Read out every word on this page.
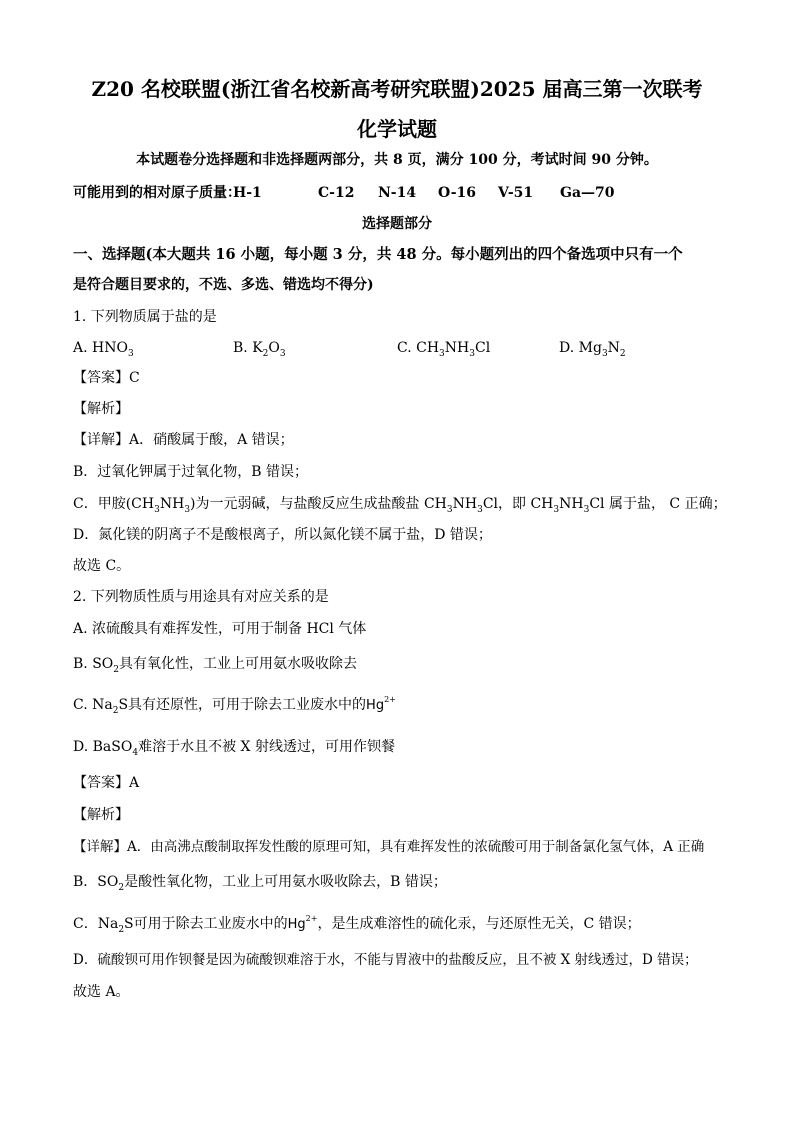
Z20 名校联盟(浙江省名校新高考研究联盟)2025 届高三第一次联考
化学试题
本试题卷分选择题和非选择题两部分，共 8 页，满分 100 分，考试时间 90 分钟。
可能用到的相对原子质量：
H-1	C-12 N-14 O-16 V-51 Ga—70
选择题部分
一、选择题(本大题共 16 小题，每小题 3 分，共 48 分。每小题列出的四个备选项中只有一个
是符合题目要求的，不选、多选、错选均不得分)
1. 下列物质属于盐的是
A. $HNO_3$	B. $K_2O_3$	C. $CH_3NH_3Cl$	D. $Mg_3N_2$
【答案】C
【解析】
【详解】A．硝酸属于酸，A 错误；
B．过氧化钾属于过氧化物，B 错误；
C．甲胺$(CH_3NH_3)$为一元弱碱，与盐酸反应生成盐酸盐 $CH_3NH_3Cl$，即 $CH_3NH_3Cl$ 属于盐， C 正确；
D．氮化镁的阴离子不是酸根离子，所以氮化镁不属于盐，D 错误；
故选 C。
2. 下列物质性质与用途具有对应关系的是
A. 浓硫酸具有难挥发性，可用于制备 HCl 气体
B. $SO_2$具有氧化性，工业上可用氨水吸收除去
C. $Na_2S$具有还原性，可用于除去工业废水中的$Hg^{2+}$
D. BaSO$_4$难溶于水且不被 X 射线透过，可用作钡餐
【答案】A
【解析】
【详解】A．由高沸点酸制取挥发性酸的原理可知，具有难挥发性的浓硫酸可用于制备氯化氢气体，A 正确
B．$SO_2$是酸性氧化物，工业上可用氨水吸收除去，B 错误；
C．$Na_2S$可用于除去工业废水中的$Hg^{2+}$，是生成难溶性的硫化汞，与还原性无关，C 错误；
D．硫酸钡可用作钡餐是因为硫酸钡难溶于水，不能与胃液中的盐酸反应，且不被 X 射线透过，D 错误；
故选 A。
